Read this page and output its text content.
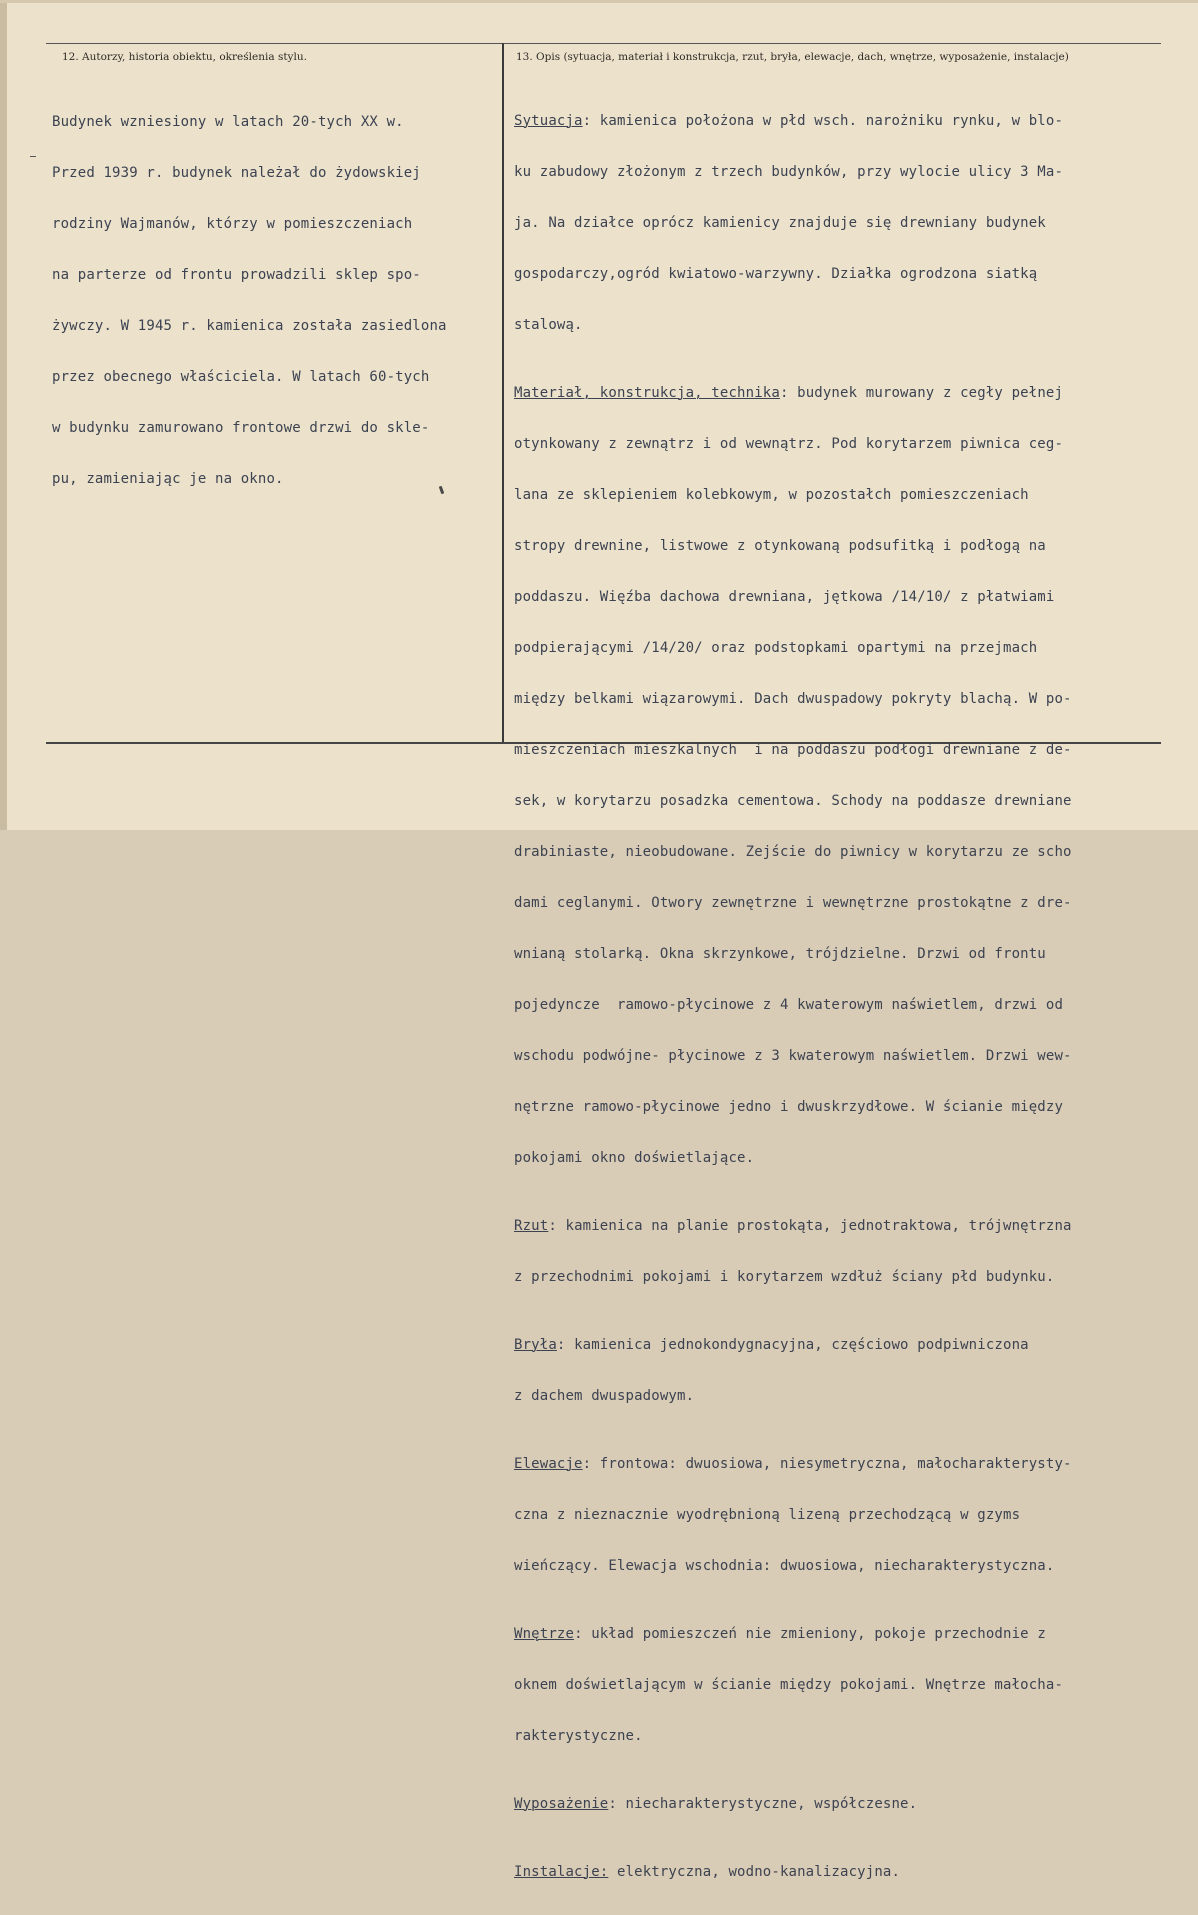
12. Autorzy, historia obiektu, określenia stylu.	13. Opis (sytuacja, materiał i konstrukcja, rzut, bryła, elewacje, dach, wnętrze, wyposażenie, instalacje)

Budynek wzniesiony w latach 20-tych XX w.

Przed 1939 r. budynek należał do żydowskiej

rodziny Wajmanów, którzy w pomieszczeniach

na parterze od frontu prowadzili sklep spo-

żywczy. W 1945 r. kamienica została zasiedlona

przez obecnego właściciela. W latach 60-tych

w budynku zamurowano frontowe drzwi do skle-

pu, zamieniając je na okno.

Sytuacja: kamienica położona w płd wsch. narożniku rynku, w blo-

ku zabudowy złożonym z trzech budynków, przy wylocie ulicy 3 Ma-

ja. Na działce oprócz kamienicy znajduje się drewniany budynek

gospodarczy,ogród kwiatowo-warzywny. Działka ogrodzona siatką

stalową.

Materiał, konstrukcja, technika: budynek murowany z cegły pełnej

otynkowany z zewnątrz i od wewnątrz. Pod korytarzem piwnica ceg-

lana ze sklepieniem kolebkowym, w pozostałch pomieszczeniach

stropy drewnine, listwowe z otynkowaną podsufitką i podłogą na

poddaszu. Więźba dachowa drewniana, jętkowa /14/10/ z płatwiami

podpierającymi /14/20/ oraz podstopkami opartymi na przejmach

między belkami wiązarowymi. Dach dwuspadowy pokryty blachą. W po-

mieszczeniach mieszkalnych  i na poddaszu podłogi drewniane z de-

sek, w korytarzu posadzka cementowa. Schody na poddasze drewniane

drabiniaste, nieobudowane. Zejście do piwnicy w korytarzu ze scho

dami ceglanymi. Otwory zewnętrzne i wewnętrzne prostokątne z dre-

wnianą stolarką. Okna skrzynkowe, trójdzielne. Drzwi od frontu

pojedyncze  ramowo-płycinowe z 4 kwaterowym naświetlem, drzwi od

wschodu podwójne- płycinowe z 3 kwaterowym naświetlem. Drzwi wew-

nętrzne ramowo-płycinowe jedno i dwuskrzydłowe. W ścianie między

pokojami okno doświetlające.

Rzut: kamienica na planie prostokąta, jednotraktowa, trójwnętrzna

z przechodnimi pokojami i korytarzem wzdłuż ściany płd budynku.

Bryła: kamienica jednokondygnacyjna, częściowo podpiwniczona

z dachem dwuspadowym.

Elewacje: frontowa: dwuosiowa, niesymetryczna, małocharakterysty-

czna z nieznacznie wyodrębnioną lizeną przechodzącą w gzyms

wieńczący. Elewacja wschodnia: dwuosiowa, niecharakterystyczna.

Wnętrze: układ pomieszczeń nie zmieniony, pokoje przechodnie z

oknem doświetlającym w ścianie między pokojami. Wnętrze małocha-

rakterystyczne.

Wyposażenie: niecharakterystyczne, współczesne.

Instalacje: elektryczna, wodno-kanalizacyjna.
